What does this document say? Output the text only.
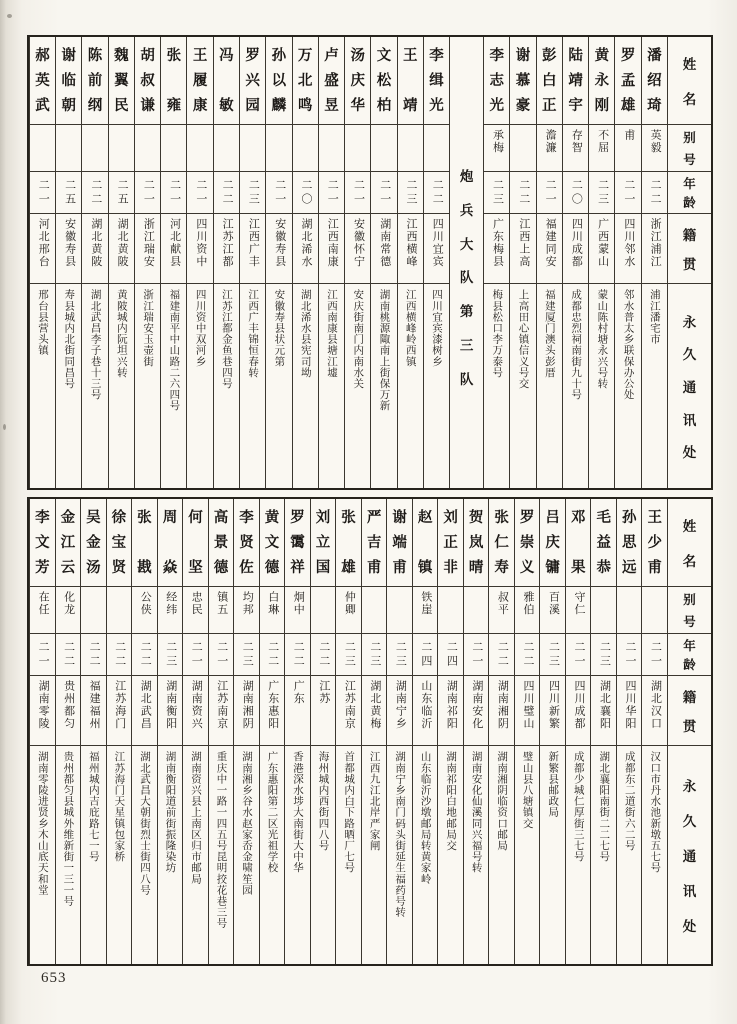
姓
名
别
号
年
龄
籍
贯
永
久
通
讯
处
潘
绍
琦
英毅
二二
浙江浦江
浦江潘宅市
罗
孟
雄
甫
二一
四川邻水
邻水普太乡联保办公处
黄
永
刚
不屈
二三
广西蒙山
蒙山陈村塘永兴号转
陆
靖
宇
存智
二〇
四川成都
成都忠烈祠南街九十号
彭
白
正
澹濂
二一
福建同安
福建厦门澳头彭厝
谢
慕
豪
二二
江西上高
上高田心镇信义号交
李
志
光
承梅
二三
广东梅县
梅县松口李万泰号
炮
兵
大
队
第
三
队
李
缉
光
二二
四川宜宾
四川宜宾漆树乡
王
靖
二三
江西横峰
江西横峰岭西镇
文
松
柏
二一
湖南常德
湖南桃源陬南上街保万新
汤
庆
华
二一
安徽怀宁
安庆街南门内南水关
卢
盛
昱
二一
江西南康
江西南康县塘江墟
万
北
鸣
二〇
湖北浠水
湖北浠水县宪司坳
孙
以
麟
二一
安徽寿县
安徽寿县状元第
罗
兴
园
二三
江西广丰
江西广丰锦恒春转
冯
敏
二二
江苏江都
江苏江都金鱼巷四号
王
履
康
二一
四川资中
四川资中双河乡
张
雍
二一
河北献县
福建南平中山路二六四号
胡
叔
谦
二一
浙江瑞安
浙江瑞安玉壶街
魏
翼
民
二五
湖北黄陂
黄陂城内阮坦兴转
陈
前
纲
二二
湖北黄陂
湖北武昌李子巷十三号
谢
临
朝
二五
安徽寿县
寿县城内北街同昌号
郝
英
武
二一
河北邢台
邢台县营头镇
姓
名
别
号
年
龄
籍
贯
永
久
通
讯
处
王
少
甫
二一
湖北汉口
汉口市丹水池新墩五七号
孙
思
远
二一
四川华阳
成都东二道街六二号
毛
益
恭
二三
湖北襄阳
湖北襄阳南街二二七号
邓
果
守仁
二一
四川成都
成都少城仁厚街三七号
吕
庆
镛
百溪
二三
四川新繁
新繁县邮政局
罗
崇
义
雅伯
二二
四川璧山
璧山县八塘镇交
张
仁
寿
叔平
二二
湖南湘阴
湖南湘阴临资口邮局
贺
岚
晴
二一
湖南安化
湖南安化仙溪同兴福号转
刘
正
非
二四
湖南祁阳
湖南祁阳白地邮局交
赵
镇
铁崖
二四
山东临沂
山东临沂沙墩邮局转黄家岭
谢
端
甫
二三
湖南宁乡
湖南宁乡南门码头街延生福药号转
严
吉
甫
二三
湖北黄梅
江西九江北岸严家闸
张
雄
仲卿
二三
江苏南京
首都城内白下路晒厂七号
刘
立
国
二二
江苏
海州城内西街四八号
罗
霭
祥
炯中
二二
广东
香港深水埗大南街大中华
黄
文
德
白琳
二二
广东惠阳
广东惠阳第二区光祖学校
李
贤
佐
均邦
二三
湖南湘阴
湖南湘乡谷水赵家岙金啸笙园
高
景
德
镇五
二一
江苏南京
重庆中一路一四五号昆明挍花巷三号
何
坚
忠民
二一
湖南资兴
湖南资兴县上南区归市邮局
周
焱
经纬
二三
湖南衡阳
湖南衡阳道前街振隆染坊
张
戡
公侠
二二
湖北武昌
湖北武昌大朝街烈士街四八号
徐
宝
贤
二二
江苏海门
江苏海门天星镇包家桥
吴
金
汤
二二
福建福州
福州城内吉庇路七一号
金
江
云
化龙
二二
贵州都匀
贵州都匀县城外维新街一三一号
李
文
芳
在任
二一
湖南零陵
湖南零陵进贤乡木山底天和堂
653
